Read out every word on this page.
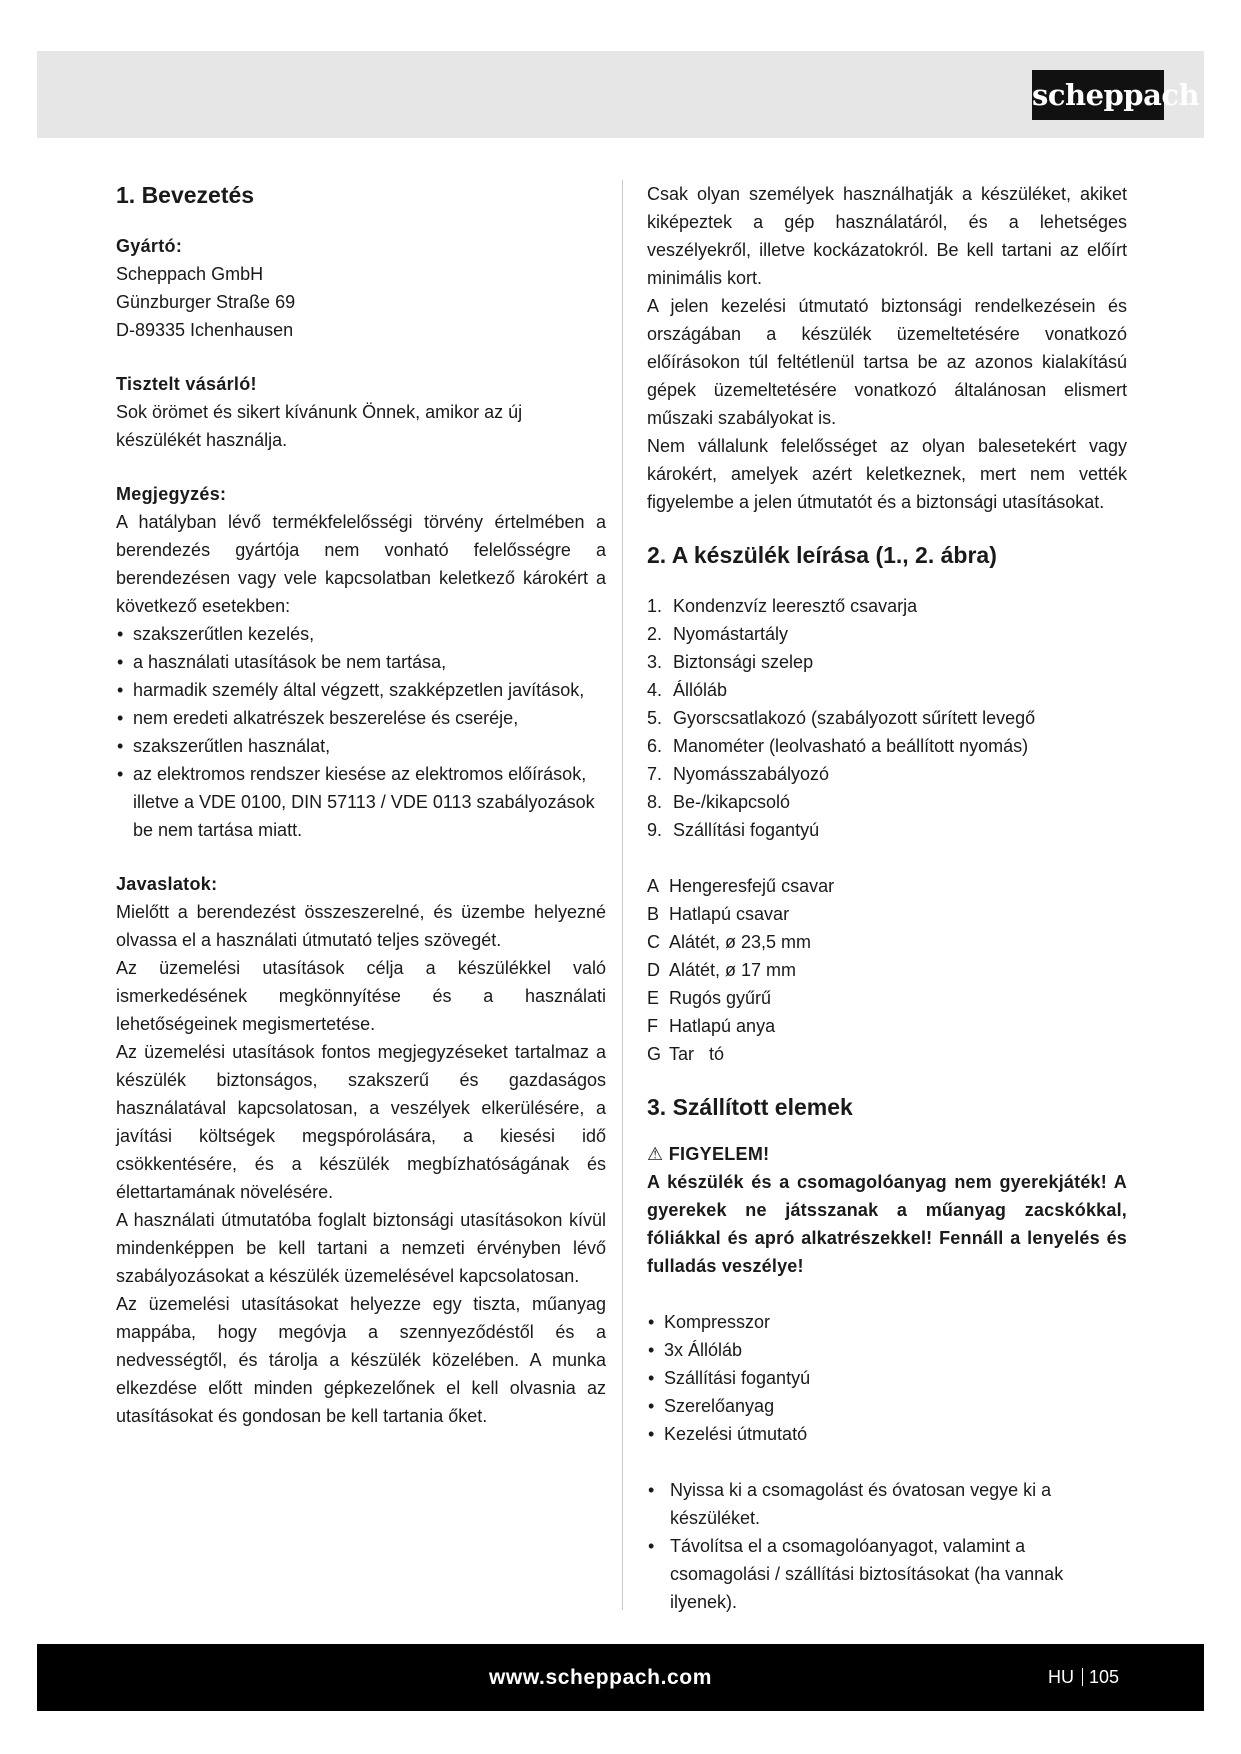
scheppach
1. Bevezetés
Gyártó:
Scheppach GmbH
Günzburger Straße 69
D-89335 Ichenhausen
Tisztelt vásárló!
Sok örömet és sikert kívánunk Önnek, amikor az új készülékét használja.
Megjegyzés:
A hatályban lévő termékfelelősségi törvény értelmében a berendezés gyártója nem vonható felelősségre a berendezésen vagy vele kapcsolatban keletkező károkért a következő esetekben:
• szakszerűtlen kezelés,
• a használati utasítások be nem tartása,
• harmadik személy által végzett, szakképzetlen javítások,
• nem eredeti alkatrészek beszerelése és cseréje,
• szakszerűtlen használat,
• az elektromos rendszer kiesése az elektromos előírások, illetve a VDE 0100, DIN 57113 / VDE 0113 szabályozások be nem tartása miatt.
Javaslatok:
Mielőtt a berendezést összeszerelné, és üzembe helyezné olvassa el a használati útmutató teljes szövegét.
Az üzemelési utasítások célja a készülékkel való ismerkedésének megkönnyítése és a használati lehetőségeinek megismertetése.
Az üzemelési utasítások fontos megjegyzéseket tartalmaz a készülék biztonságos, szakszerű és gazdaságos használatával kapcsolatosan, a veszélyek elkerülésére, a javítási költségek megspórolására, a kiesési idő csökkentésére, és a készülék megbízhatóságának és élettartamának növelésére.
A használati útmutatóba foglalt biztonsági utasításokon kívül mindenképpen be kell tartani a nemzeti érvényben lévő szabályozásokat a készülék üzemelésével kapcsolatosan.
Az üzemelési utasításokat helyezze egy tiszta, műanyag mappába, hogy megóvja a szennyeződéstől és a nedvességtől, és tárolja a készülék közelében. A munka elkezdése előtt minden gépkezelőnek el kell olvasnia az utasításokat és gondosan be kell tartania őket.
Csak olyan személyek használhatják a készüléket, akiket kiképeztek a gép használatáról, és a lehetséges veszélyekről, illetve kockázatokról. Be kell tartani az előírt minimális kort.
A jelen kezelési útmutató biztonsági rendelkezésein és országában a készülék üzemeltetésére vonatkozó előírásokon túl feltétlenül tartsa be az azonos kialakítású gépek üzemeltetésére vonatkozó általánosan elismert műszaki szabályokat is.
Nem vállalunk felelősséget az olyan balesetekért vagy károkért, amelyek azért keletkeznek, mert nem vették figyelembe a jelen útmutatót és a biztonsági utasításokat.
2. A készülék leírása (1., 2. ábra)
1. Kondenzvíz leeresztő csavarja
2. Nyomástartály
3. Biztonsági szelep
4. Állóláb
5. Gyorscsatlakozó (szabályozott sűrített levegő
6. Manométer (leolvasható a beállított nyomás)
7. Nyomásszabályozó
8. Be-/kikapcsoló
9. Szállítási fogantyú
A Hengeresfejű csavar
B Hatlapú csavar
C Alátét, ø 23,5 mm
D Alátét, ø 17 mm
E Rugós gyűrű
F Hatlapú anya
G Tar   tó
3. Szállított elemek
⚠ FIGYELEM!
A készülék és a csomagolóanyag nem gyerekjáték! A gyerekek ne játsszanak a műanyag zacskókkal, fóliákkal és apró alkatrészekkel! Fennáll a lenyelés és fulladás veszélye!
• Kompresszor
• 3x Állóláb
• Szállítási fogantyú
• Szerelőanyag
• Kezelési útmutató
• Nyissa ki a csomagolást és óvatosan vegye ki a készüléket.
• Távolítsa el a csomagolóanyagot, valamint a csomagolási / szállítási biztosításokat (ha vannak ilyenek).
www.scheppach.com	HU 105
